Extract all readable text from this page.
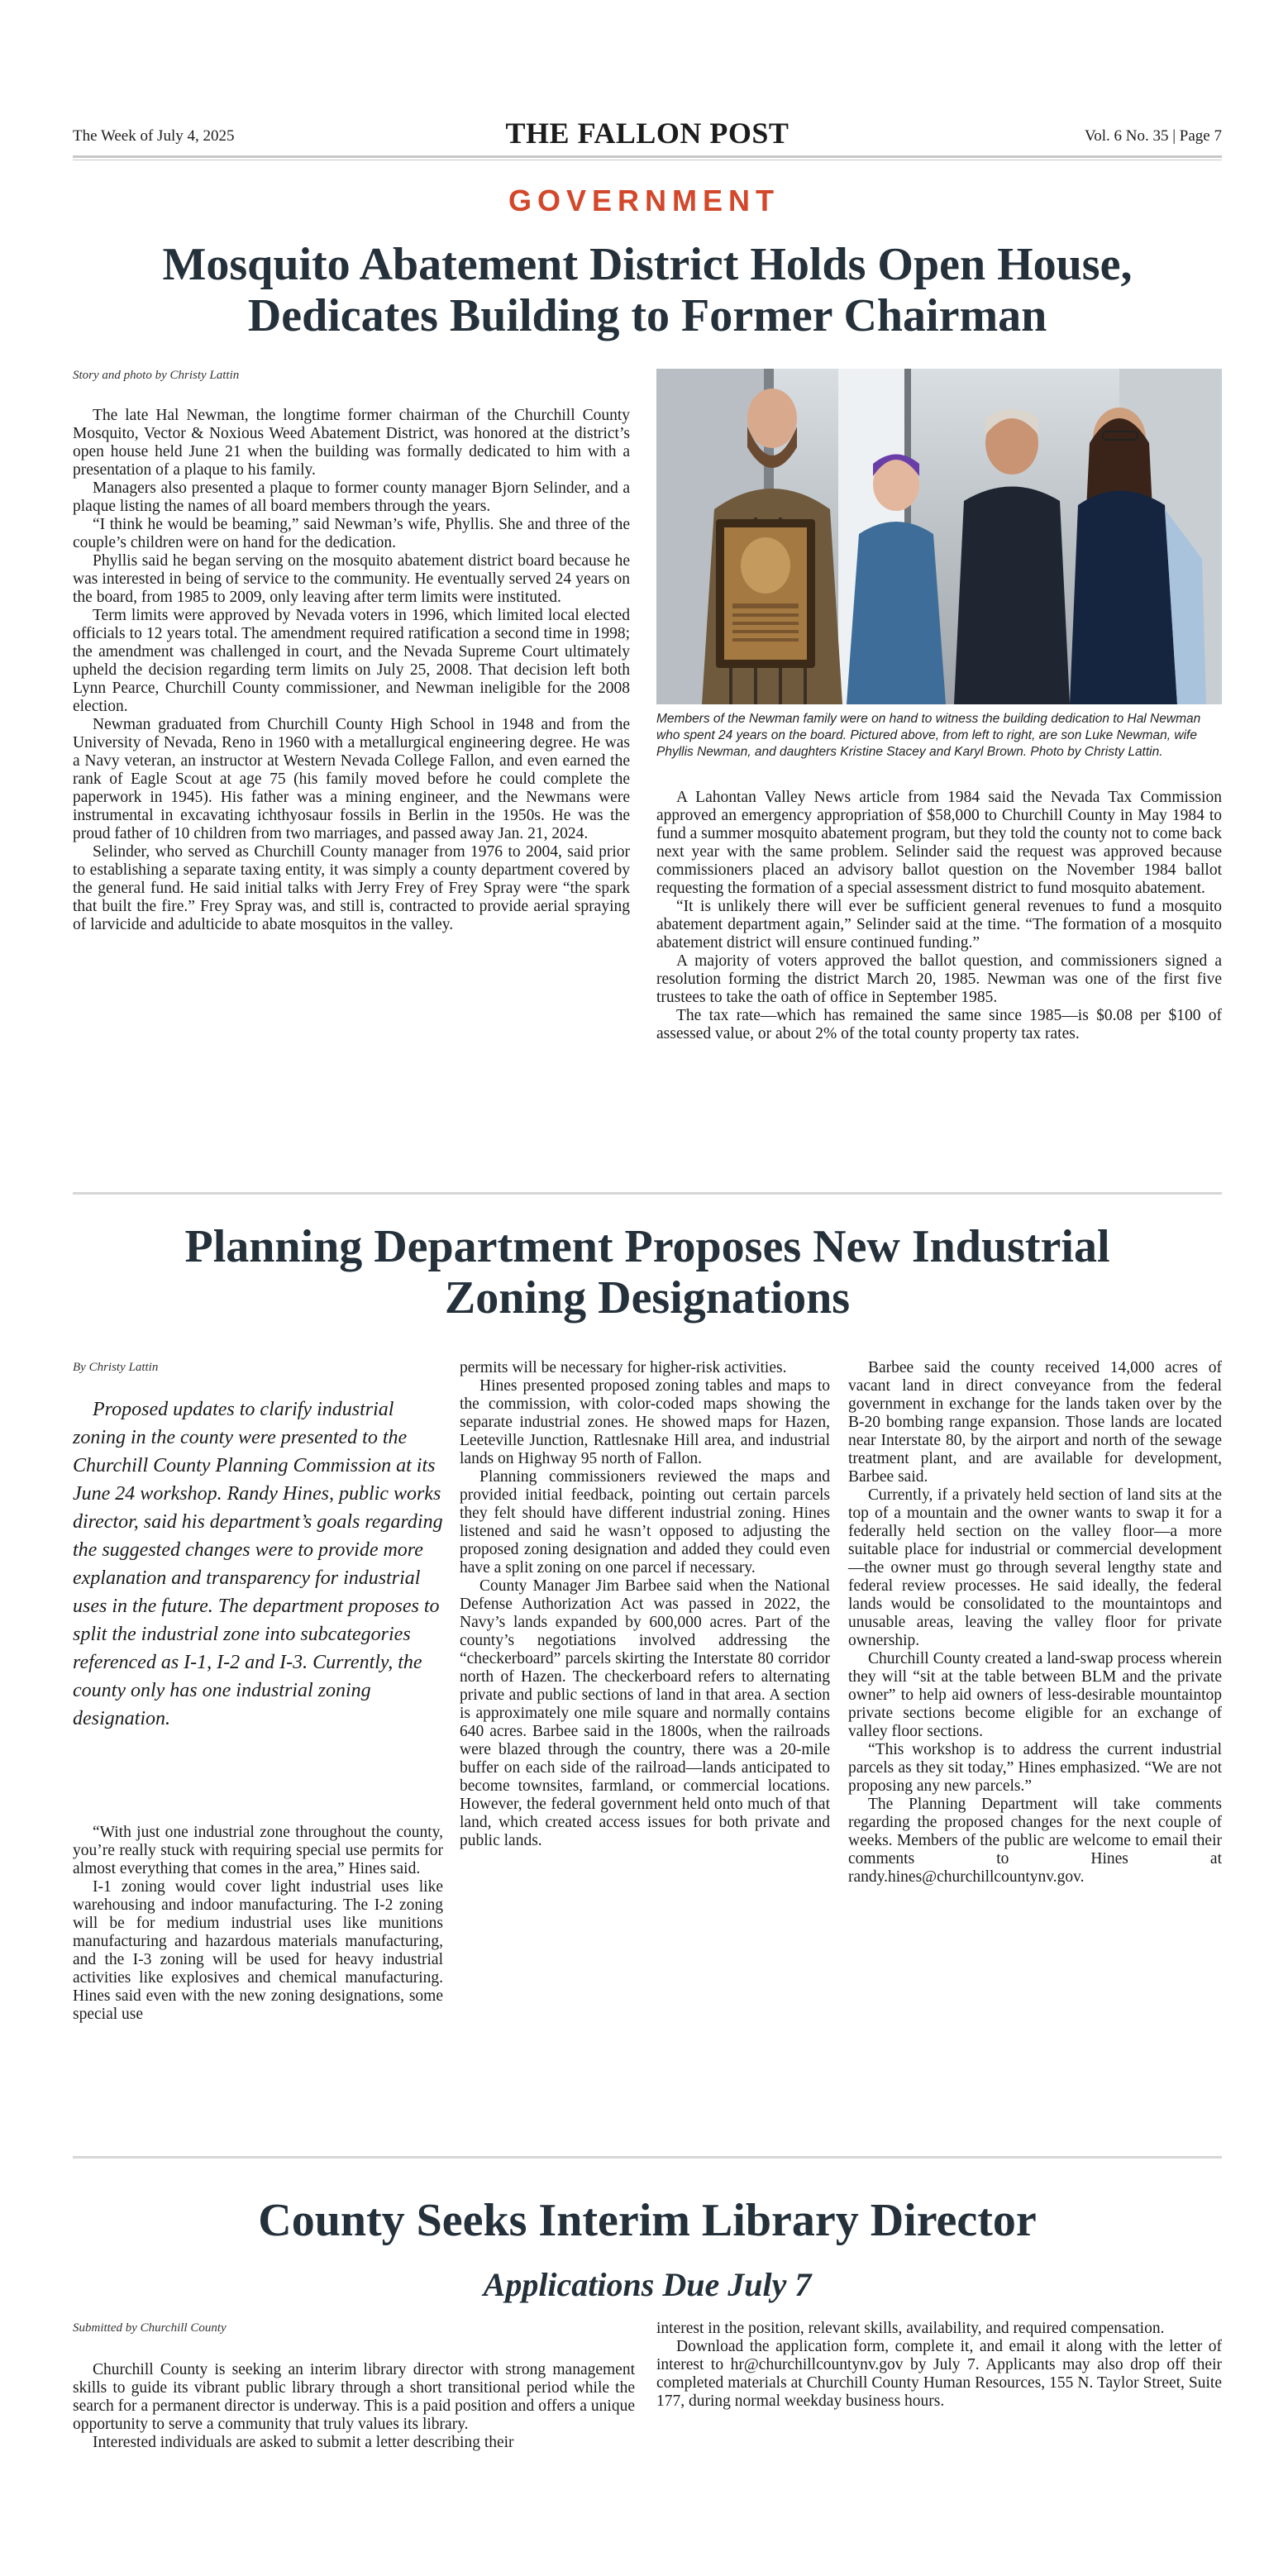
The Week of July 4, 2025	THE FALLON POST	Vol. 6 No. 35 | Page 7
GOVERNMENT
Mosquito Abatement District Holds Open House,
Dedicates Building to Former Chairman
Story and photo by Christy Lattin

The late Hal Newman, the longtime former chairman of the Churchill County Mosquito, Vector & Noxious Weed Abatement District, was honored at the district’s open house held June 21 when the building was formally dedicated to him with a presentation of a plaque to his family.

Managers also presented a plaque to former county manager Bjorn Selinder, and a plaque listing the names of all board members through the years.

“I think he would be beaming,” said Newman’s wife, Phyllis. She and three of the couple’s children were on hand for the dedication.

Phyllis said he began serving on the mosquito abatement district board because he was interested in being of service to the community. He eventually served 24 years on the board, from 1985 to 2009, only leaving after term limits were instituted.

Term limits were approved by Nevada voters in 1996, which limited local elected officials to 12 years total. The amendment required ratification a second time in 1998; the amendment was challenged in court, and the Nevada Supreme Court ultimately upheld the decision regarding term limits on July 25, 2008. That decision left both Lynn Pearce, Churchill County commissioner, and Newman ineligible for the 2008 election.

Newman graduated from Churchill County High School in 1948 and from the University of Nevada, Reno in 1960 with a metallurgical engineering degree. He was a Navy veteran, an instructor at Western Nevada College Fallon, and even earned the rank of Eagle Scout at age 75 (his family moved before he could complete the paperwork in 1945). His father was a mining engineer, and the Newmans were instrumental in excavating ichthyosaur fossils in Berlin in the 1950s. He was the proud father of 10 children from two marriages, and passed away Jan. 21, 2024.

Selinder, who served as Churchill County manager from 1976 to 2004, said prior to establishing a separate taxing entity, it was simply a county department covered by the general fund. He said initial talks with Jerry Frey of Frey Spray were “the spark that built the fire.” Frey Spray was, and still is, contracted to provide aerial spraying of larvicide and adulticide to abate mosquitos in the valley.

Members of the Newman family were on hand to witness the building dedication to Hal Newman who spent 24 years on the board. Pictured above, from left to right, are son Luke Newman, wife Phyllis Newman, and daughters Kristine Stacey and Karyl Brown. Photo by Christy Lattin.

A Lahontan Valley News article from 1984 said the Nevada Tax Commission approved an emergency appropriation of $58,000 to Churchill County in May 1984 to fund a summer mosquito abatement program, but they told the county not to come back next year with the same problem. Selinder said the request was approved because commissioners placed an advisory ballot question on the November 1984 ballot requesting the formation of a special assessment district to fund mosquito abatement.

“It is unlikely there will ever be sufficient general revenues to fund a mosquito abatement department again,” Selinder said at the time. “The formation of a mosquito abatement district will ensure continued funding.”

A majority of voters approved the ballot question, and commissioners signed a resolution forming the district March 20, 1985. Newman was one of the first five trustees to take the oath of office in September 1985.

The tax rate—which has remained the same since 1985—is $0.08 per $100 of assessed value, or about 2% of the total county property tax rates.

Planning Department Proposes New Industrial
Zoning Designations
By Christy Lattin

Proposed updates to clarify industrial zoning in the county were presented to the Churchill County Planning Commission at its June 24 workshop. Randy Hines, public works director, said his department’s goals regarding the suggested changes were to provide more explanation and transparency for industrial uses in the future. The department proposes to split the industrial zone into subcategories referenced as I-1, I-2 and I-3. Currently, the county only has one industrial zoning designation.

“With just one industrial zone throughout the county, you’re really stuck with requiring special use permits for almost everything that comes in the area,” Hines said.

I-1 zoning would cover light industrial uses like warehousing and indoor manufacturing. The I-2 zoning will be for medium industrial uses like munitions manufacturing and hazardous materials manufacturing, and the I-3 zoning will be used for heavy industrial activities like explosives and chemical manufacturing. Hines said even with the new zoning designations, some special use

permits will be necessary for higher-risk activities.

Hines presented proposed zoning tables and maps to the commission, with color-coded maps showing the separate industrial zones. He showed maps for Hazen, Leeteville Junction, Rattlesnake Hill area, and industrial lands on Highway 95 north of Fallon.

Planning commissioners reviewed the maps and provided initial feedback, pointing out certain parcels they felt should have different industrial zoning. Hines listened and said he wasn’t opposed to adjusting the proposed zoning designation and added they could even have a split zoning on one parcel if necessary.

County Manager Jim Barbee said when the National Defense Authorization Act was passed in 2022, the Navy’s lands expanded by 600,000 acres. Part of the county’s negotiations involved addressing the “checkerboard” parcels skirting the Interstate 80 corridor north of Hazen. The checkerboard refers to alternating private and public sections of land in that area. A section is approximately one mile square and normally contains 640 acres. Barbee said in the 1800s, when the railroads were blazed through the country, there was a 20-mile buffer on each side of the railroad—lands anticipated to become townsites, farmland, or commercial locations. However, the federal government held onto much of that land, which created access issues for both private and public lands.

Barbee said the county received 14,000 acres of vacant land in direct conveyance from the federal government in exchange for the lands taken over by the B-20 bombing range expansion. Those lands are located near Interstate 80, by the airport and north of the sewage treatment plant, and are available for development, Barbee said.

Currently, if a privately held section of land sits at the top of a mountain and the owner wants to swap it for a federally held section on the valley floor—a more suitable place for industrial or commercial development—the owner must go through several lengthy state and federal review processes. He said ideally, the federal lands would be consolidated to the mountaintops and unusable areas, leaving the valley floor for private ownership.

Churchill County created a land-swap process wherein they will “sit at the table between BLM and the private owner” to help aid owners of less-desirable mountaintop private sections become eligible for an exchange of valley floor sections.

“This workshop is to address the current industrial parcels as they sit today,” Hines emphasized. “We are not proposing any new parcels.”

The Planning Department will take comments regarding the proposed changes for the next couple of weeks. Members of the public are welcome to email their comments to Hines at randy.hines@churchillcountynv.gov.

County Seeks Interim Library Director
Applications Due July 7
Submitted by Churchill County

Churchill County is seeking an interim library director with strong management skills to guide its vibrant public library through a short transitional period while the search for a permanent director is underway. This is a paid position and offers a unique opportunity to serve a community that truly values its library.

Interested individuals are asked to submit a letter describing their

interest in the position, relevant skills, availability, and required compensation.

Download the application form, complete it, and email it along with the letter of interest to hr@churchillcountynv.gov by July 7. Applicants may also drop off their completed materials at Churchill County Human Resources, 155 N. Taylor Street, Suite 177, during normal weekday business hours.
